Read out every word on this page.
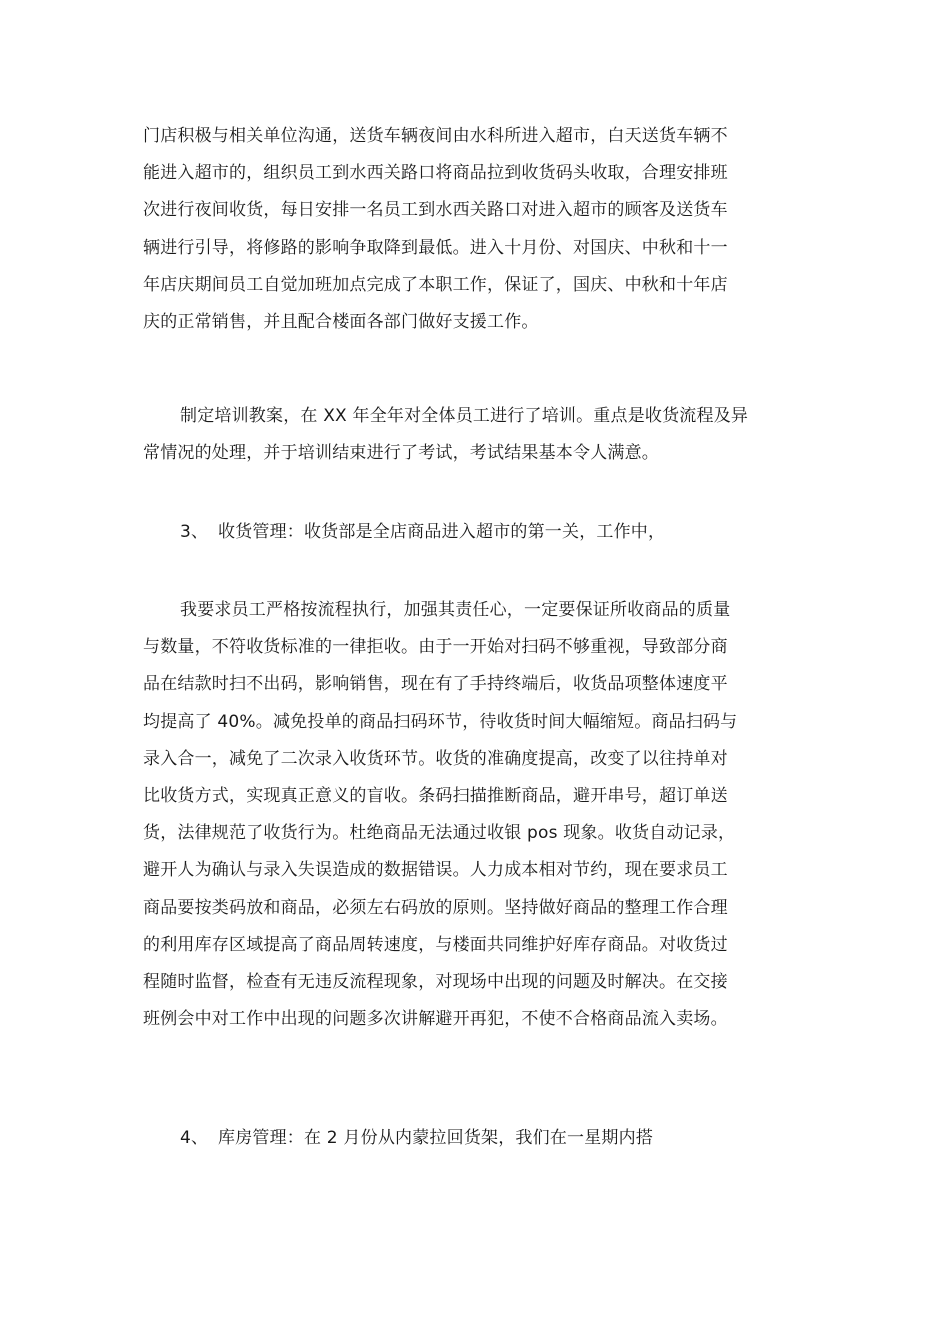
门店积极与相关单位沟通，送货车辆夜间由水科所进入超市，白天送货车辆不
能进入超市的，组织员工到水西关路口将商品拉到收货码头收取，合理安排班
次进行夜间收货，每日安排一名员工到水西关路口对进入超市的顾客及送货车
辆进行引导，将修路的影响争取降到最低。进入十月份、对国庆、中秋和十一
年店庆期间员工自觉加班加点完成了本职工作，保证了，国庆、中秋和十年店
庆的正常销售，并且配合楼面各部门做好支援工作。
制定培训教案，在 XX 年全年对全体员工进行了培训。重点是收货流程及异
常情况的处理，并于培训结束进行了考试，考试结果基本令人满意。
3、 收货管理：收货部是全店商品进入超市的第一关，工作中，
我要求员工严格按流程执行，加强其责任心，一定要保证所收商品的质量
与数量，不符收货标准的一律拒收。由于一开始对扫码不够重视，导致部分商
品在结款时扫不出码，影响销售，现在有了手持终端后，收货品项整体速度平
均提高了 40%。减免投单的商品扫码环节，待收货时间大幅缩短。商品扫码与
录入合一，减免了二次录入收货环节。收货的准确度提高，改变了以往持单对
比收货方式，实现真正意义的盲收。条码扫描推断商品，避开串号，超订单送
货，法律规范了收货行为。杜绝商品无法通过收银 pos 现象。收货自动记录，
避开人为确认与录入失误造成的数据错误。人力成本相对节约，现在要求员工
商品要按类码放和商品，必须左右码放的原则。坚持做好商品的整理工作合理
的利用库存区域提高了商品周转速度，与楼面共同维护好库存商品。对收货过
程随时监督，检查有无违反流程现象，对现场中出现的问题及时解决。在交接
班例会中对工作中出现的问题多次讲解避开再犯，不使不合格商品流入卖场。
4、 库房管理：在 2 月份从内蒙拉回货架，我们在一星期内搭
